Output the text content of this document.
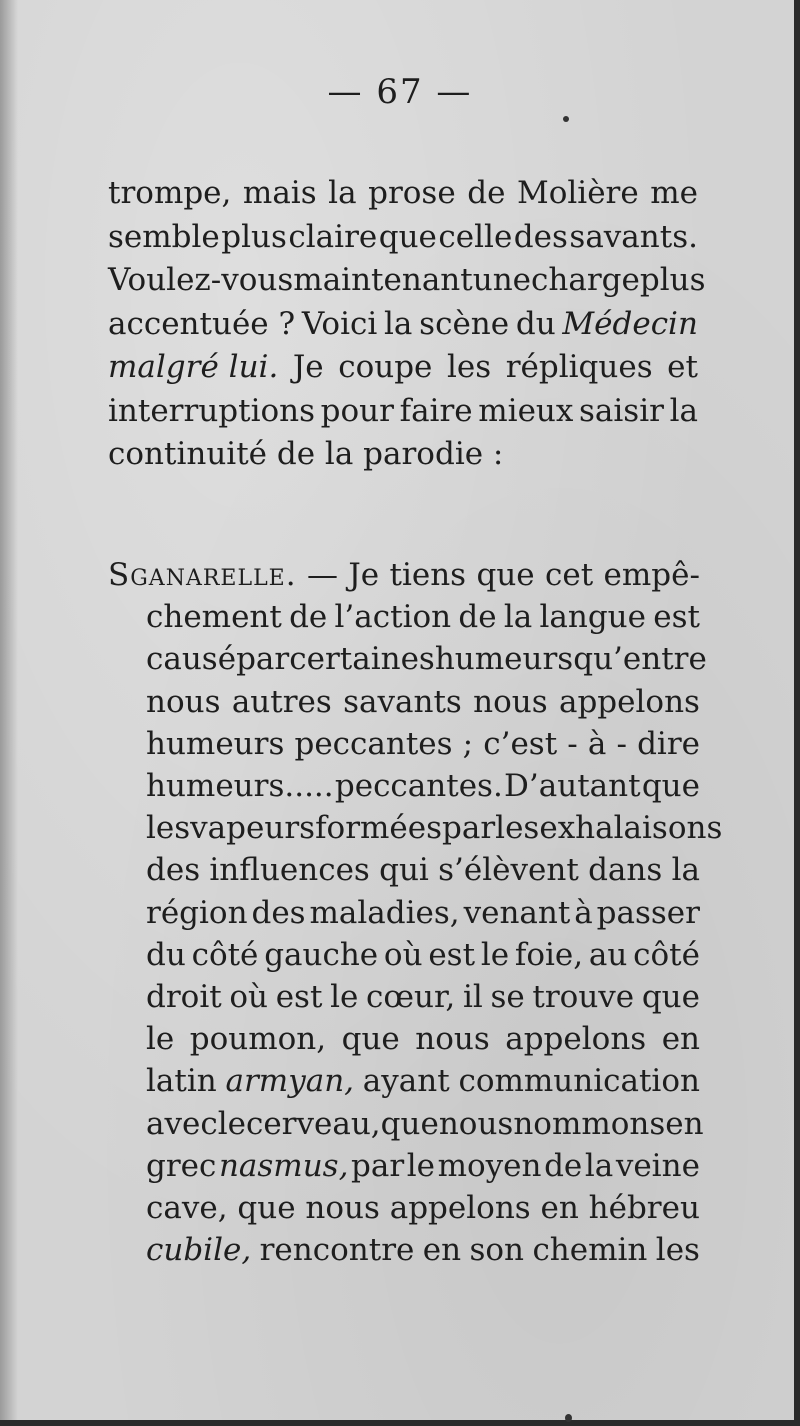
— 67 —
trompe, mais la prose de Molière me
semble plus claire que celle des savants.
Voulez-vous maintenant une charge plus
accentuée ? Voici la scène du Médecin
malgré lui. Je coupe les répliques et
interruptions pour faire mieux saisir la
continuité de la parodie :
Sganarelle. — Je tiens que cet empê-
chement de l’action de la langue est
causé par certaines humeurs qu’entre
nous autres savants nous appelons
humeurs peccantes ; c’est - à - dire
humeurs..... peccantes. D’autant que
les vapeurs formées par les exhalaisons
des influences qui s’élèvent dans la
région des maladies, venant à passer
du côté gauche où est le foie, au côté
droit où est le cœur, il se trouve que
le poumon, que nous appelons en
latin armyan, ayant communication
avec le cerveau, que nous nommons en
grec nasmus, par le moyen de la veine
cave, que nous appelons en hébreu
cubile, rencontre en son chemin les
